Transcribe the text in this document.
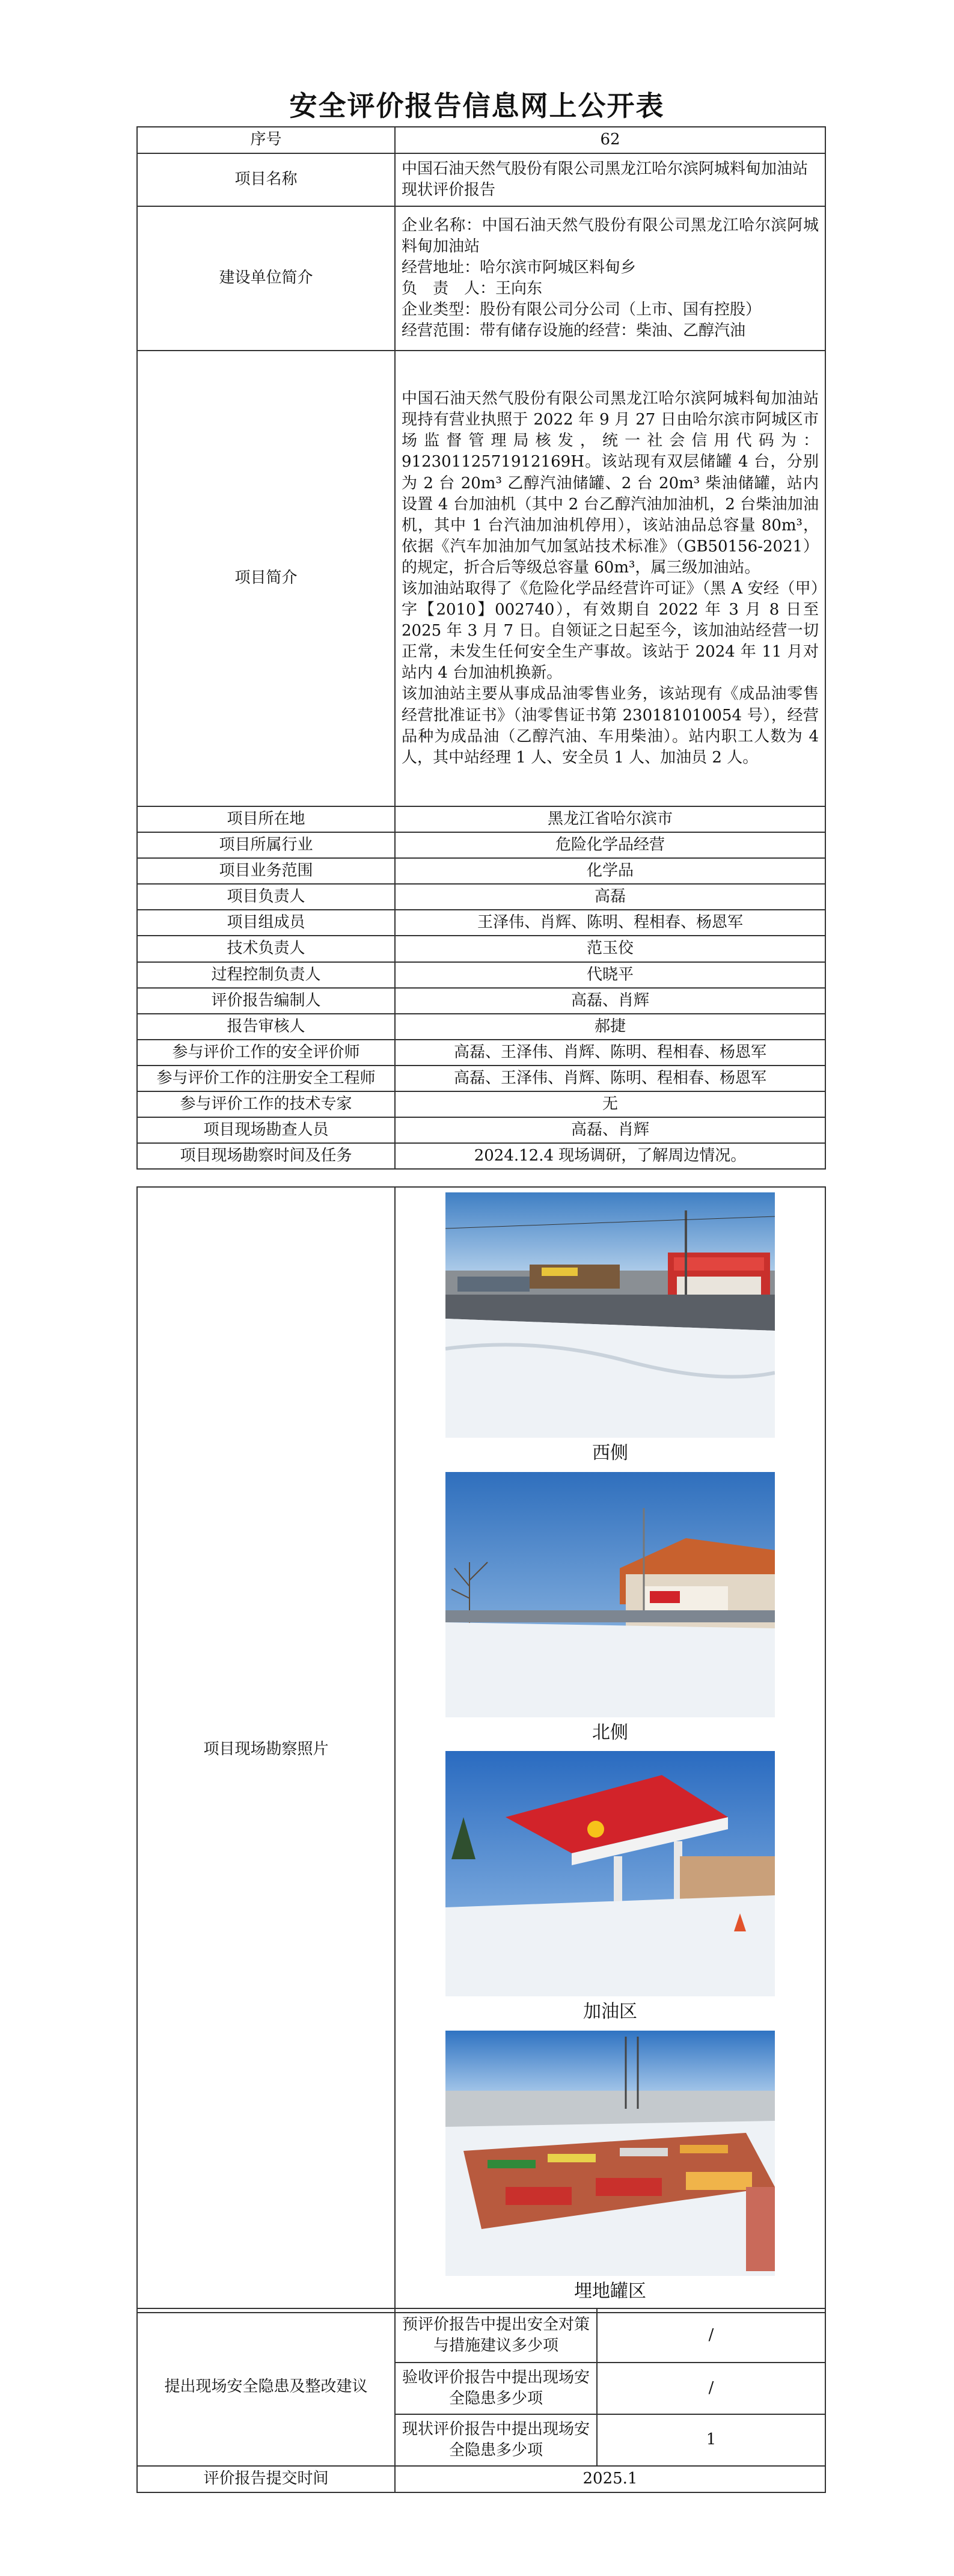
安全评价报告信息网上公开表
序号	62
项目名称	中国石油天然气股份有限公司黑龙江哈尔滨阿城料甸加油站现状评价报告
建设单位简介	企业名称：中国石油天然气股份有限公司黑龙江哈尔滨阿城料甸加油站

经营地址：哈尔滨市阿城区料甸乡

负　责　人：王向东

企业类型：股份有限公司分公司（上市、国有控股）

经营范围：带有储存设施的经营：柴油、乙醇汽油

项目简介	中国石油天然气股份有限公司黑龙江哈尔滨阿城料甸加油站现持有营业执照于 2022 年 9 月 27 日由哈尔滨市阿城区市场监督管理局核发，统一社会信用代码为：91230112571912169H。该站现有双层储罐 4 台，分别为 2 台 20m³ 乙醇汽油储罐、2 台 20m³ 柴油储罐，站内设置 4 台加油机（其中 2 台乙醇汽油加油机，2 台柴油加油机，其中 1 台汽油加油机停用），该站油品总容量 80m³，依据《汽车加油加气加氢站技术标准》（GB50156-2021）的规定，折合后等级总容量 60m³，属三级加油站。

该加油站取得了《危险化学品经营许可证》（黑 A 安经（甲）字【2010】002740），有效期自 2022 年 3 月 8 日至 2025 年 3 月 7 日。自领证之日起至今，该加油站经营一切正常，未发生任何安全生产事故。该站于 2024 年 11 月对站内 4 台加油机换新。

该加油站主要从事成品油零售业务，该站现有《成品油零售经营批准证书》（油零售证书第 230181010054 号），经营品种为成品油（乙醇汽油、车用柴油）。站内职工人数为 4 人，其中站经理 1 人、安全员 1 人、加油员 2 人。

项目所在地	黑龙江省哈尔滨市
项目所属行业	危险化学品经营
项目业务范围	化学品
项目负责人	高磊
项目组成员	王泽伟、肖辉、陈明、程相春、杨恩军
技术负责人	范玉佼
过程控制负责人	代晓平
评价报告编制人	高磊、肖辉
报告审核人	郝捷
参与评价工作的安全评价师	高磊、王泽伟、肖辉、陈明、程相春、杨恩军
参与评价工作的注册安全工程师	高磊、王泽伟、肖辉、陈明、程相春、杨恩军
参与评价工作的技术专家	无
项目现场勘查人员	高磊、肖辉
项目现场勘察时间及任务	2024.12.4 现场调研，了解周边情况。
项目现场勘察照片	
西侧
北侧
加油区
埋地罐区
提出现场安全隐患及整改建议	预评价报告中提出安全对策与措施建议多少项	/
	验收评价报告中提出现场安全隐患多少项	/
	现状评价报告中提出现场安全隐患多少项	1
评价报告提交时间	2025.1	
